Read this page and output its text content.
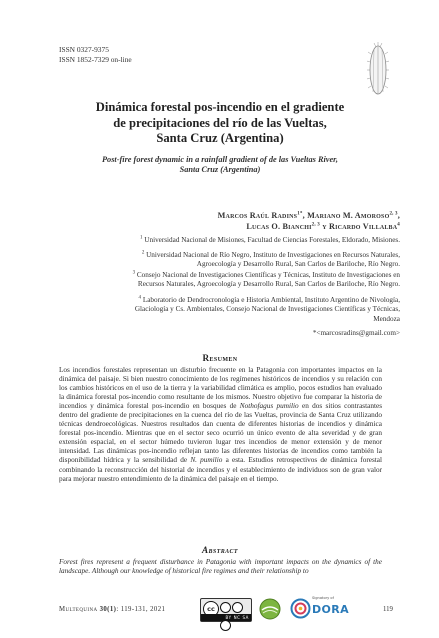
ISSN 0327-9375
ISSN 1852-7329 on-line
Dinámica forestal pos-incendio en el gradiente
de precipitaciones del río de las Vueltas,
Santa Cruz (Argentina)
Post-fire forest dynamic in a rainfall gradient of de las Vueltas River,
Santa Cruz (Argentina)
Marcos Raúl Radins$^{1*}$, Mariano M. Amoroso$^{2, 3}$,
Lucas O. Bianchi$^{2, 3}$ y Ricardo Villalba$^4$
$^1$ Universidad Nacional de Misiones, Facultad de Ciencias Forestales, Eldorado, Misiones.
$^2$ Universidad Nacional de Río Negro, Instituto de Investigaciones en Recursos Naturales,
Agroecología y Desarrollo Rural, San Carlos de Bariloche, Río Negro.
$^3$ Consejo Nacional de Investigaciones Científicas y Técnicas, Instituto de Investigaciones en
Recursos Naturales, Agroecología y Desarrollo Rural, San Carlos de Bariloche, Río Negro.
$^4$ Laboratorio de Dendrocronología e Historia Ambiental, Instituto Argentino de Nivología,
Glaciología y Cs. Ambientales, Consejo Nacional de Investigaciones Científicas y Técnicas,
Mendoza
*<marcosradins@gmail.com>
Resumen
Los incendios forestales representan un disturbio frecuente en la Patagonia con importantes impactos en la dinámica del paisaje. Si bien nuestro conocimiento de los regímenes históricos de incendios y su relación con los cambios históricos en el uso de la tierra y la variabilidad climática es amplio, pocos estudios han evaluado la dinámica forestal pos-incendio como resultante de los mismos. Nuestro objetivo fue comparar la historia de incendios y dinámica forestal pos-incendio en bosques de Nothofagus pumilio en dos sitios contrastantes dentro del gradiente de precipitaciones en la cuenca del río de las Vueltas, provincia de Santa Cruz utilizando técnicas dendroecológicas. Nuestros resultados dan cuenta de diferentes historias de incendios y dinámica forestal pos-incendio. Mientras que en el sector seco ocurrió un único evento de alta severidad y de gran extensión espacial, en el sector húmedo tuvieron lugar tres incendios de menor extensión y de menor intensidad. Las dinámicas pos-incendio reflejan tanto las diferentes historias de incendios como también la disponibilidad hídrica y la sensibilidad de N. pumilio a esta. Estudios retrospectivos de dinámica forestal combinando la reconstrucción del historial de incendios y el establecimiento de individuos son de gran valor para mejorar nuestro entendimiento de la dinámica del paisaje en el tiempo.
Abstract
Forest fires represent a frequent disturbance in Patagonia with important impacts on the dynamics of the landscape. Although our knowledge of historical fire regimes and their relationship to
Multequina 30(1): 119-131, 2021	cc
BY NC SA
Signatory of
DORA	119
